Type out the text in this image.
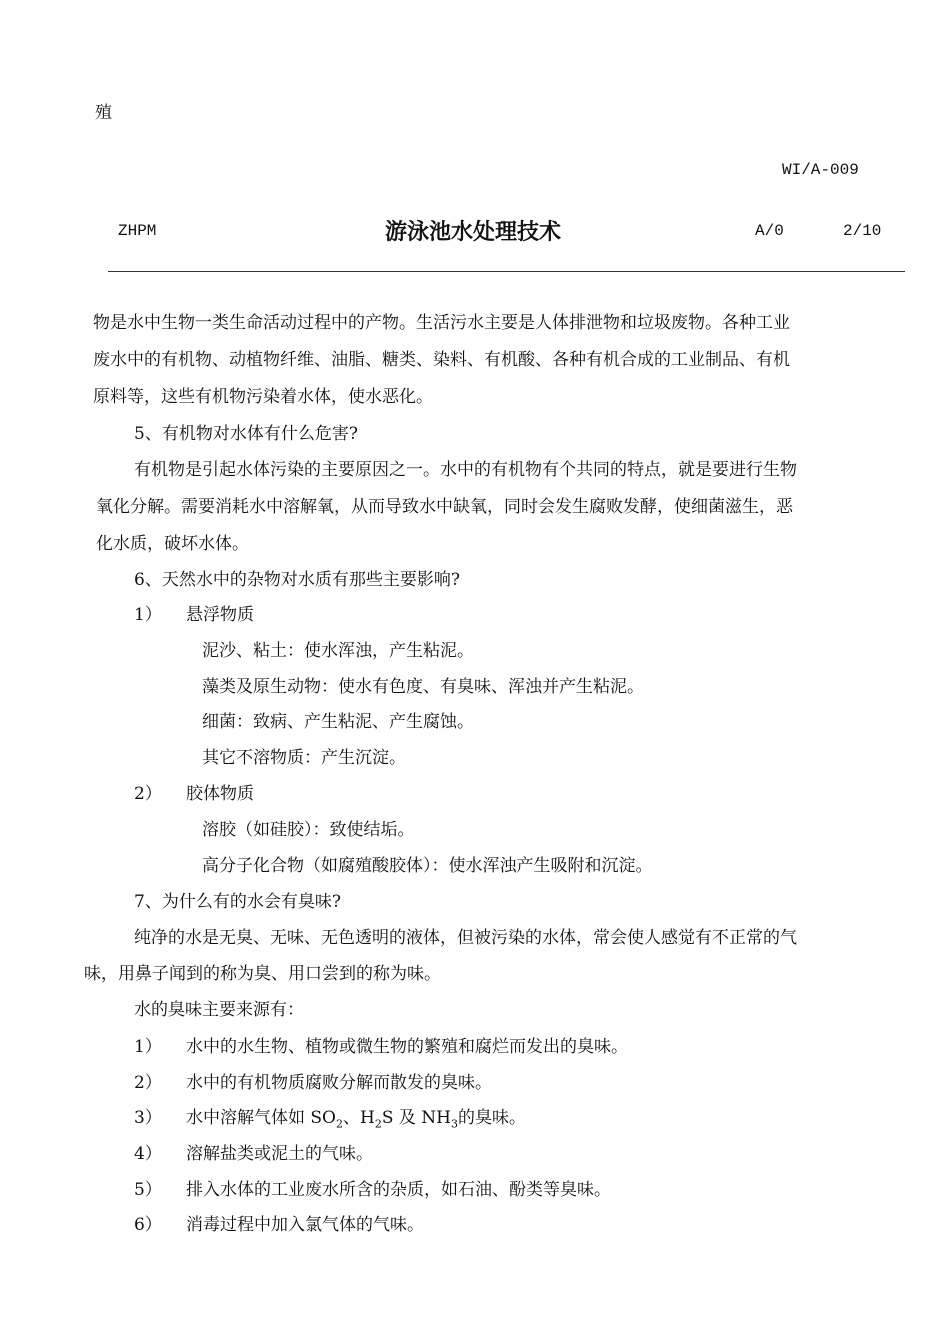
殖
WI/A-009
ZHPM	游泳池水处理技术	A/0	2/10
物是水中生物一类生命活动过程中的产物。生活污水主要是人体排泄物和垃圾废物。各种工业
废水中的有机物、动植物纤维、油脂、糖类、染料、有机酸、各种有机合成的工业制品、有机
原料等，这些有机物污染着水体，使水恶化。
5、有机物对水体有什么危害?
有机物是引起水体污染的主要原因之一。水中的有机物有个共同的特点，就是要进行生物
氧化分解。需要消耗水中溶解氧，从而导致水中缺氧，同时会发生腐败发酵，使细菌滋生，恶
化水质，破坏水体。
6、天然水中的杂物对水质有那些主要影响?
1） 悬浮物质
泥沙、粘土：使水浑浊，产生粘泥。
藻类及原生动物：使水有色度、有臭味、浑浊并产生粘泥。
细菌：致病、产生粘泥、产生腐蚀。
其它不溶物质：产生沉淀。
2） 胶体物质
溶胶（如硅胶）：致使结垢。
高分子化合物（如腐殖酸胶体）：使水浑浊产生吸附和沉淀。
7、为什么有的水会有臭味?
纯净的水是无臭、无味、无色透明的液体，但被污染的水体，常会使人感觉有不正常的气
味，用鼻子闻到的称为臭、用口尝到的称为味。
水的臭味主要来源有：
1） 水中的水生物、植物或微生物的繁殖和腐烂而发出的臭味。
2） 水中的有机物质腐败分解而散发的臭味。
3） 水中溶解气体如 $SO_2$、$H_2S$ 及 $NH_3$的臭味。
4） 溶解盐类或泥土的气味。
5） 排入水体的工业废水所含的杂质，如石油、酚类等臭味。
6） 消毒过程中加入氯气体的气味。
